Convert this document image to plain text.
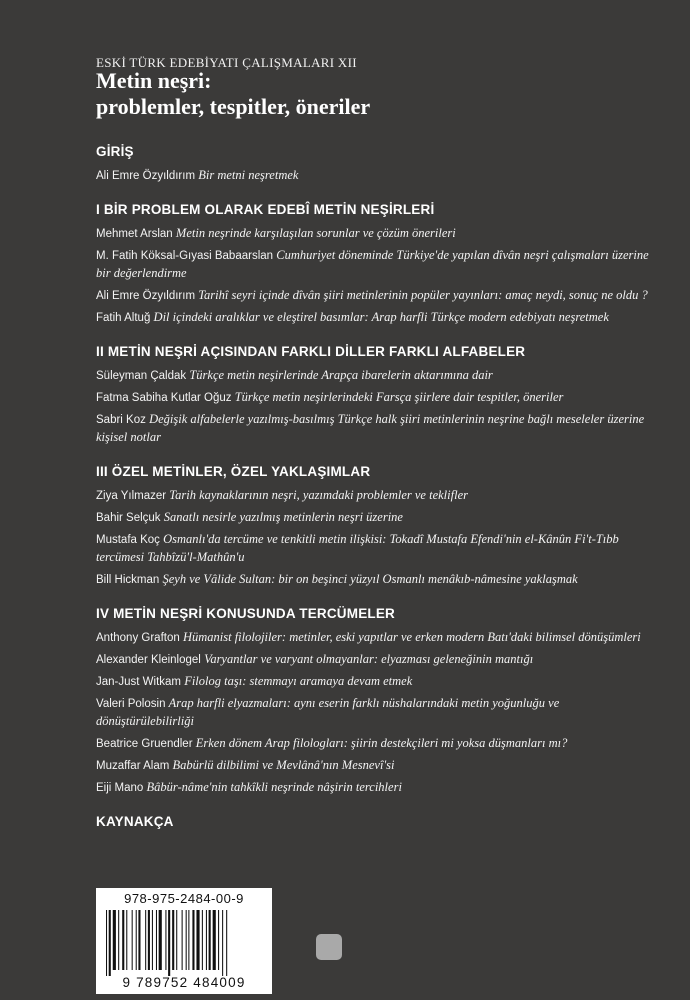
ESKİ TÜRK EDEBİYATI ÇALIŞMALARI XII
Metin neşri:
problemler, tespitler, öneriler
GİRİŞ
Ali Emre Özyıldırım Bir metni neşretmek
I BİR PROBLEM OLARAK EDEBÎ METİN NEŞİRLERİ
Mehmet Arslan Metin neşrinde karşılaşılan sorunlar ve çözüm önerileri
M. Fatih Köksal-Gıyasi Babaarslan Cumhuriyet döneminde Türkiye'de yapılan dîvân neşri çalışmaları üzerine bir değerlendirme
Ali Emre Özyıldırım Tarihî seyri içinde dîvân şiiri metinlerinin popüler yayınları: amaç neydi, sonuç ne oldu ?
Fatih Altuğ Dil içindeki aralıklar ve eleştirel basımlar: Arap harfli Türkçe modern edebiyatı neşretmek
II METİN NEŞRİ AÇISINDAN FARKLI DİLLER FARKLI ALFABELER
Süleyman Çaldak Türkçe metin neşirlerinde Arapça ibarelerin aktarımına dair
Fatma Sabiha Kutlar Oğuz Türkçe metin neşirlerindeki Farsça şiirlere dair tespitler, öneriler
Sabri Koz Değişik alfabelerle yazılmış-basılmış Türkçe halk şiiri metinlerinin neşrine bağlı meseleler üzerine kişisel notlar
III ÖZEL METİNLER, ÖZEL YAKLAŞIMLAR
Ziya Yılmazer Tarih kaynaklarının neşri, yazımdaki problemler ve teklifler
Bahir Selçuk Sanatlı nesirle yazılmış metinlerin neşri üzerine
Mustafa Koç Osmanlı'da tercüme ve tenkitli metin ilişkisi: Tokadî Mustafa Efendi'nin el-Kânûn Fi't-Tıbb tercümesi Tahbîzü'l-Mathûn'u
Bill Hickman Şeyh ve Vâlide Sultan: bir on beşinci yüzyıl Osmanlı menâkıb-nâmesine yaklaşmak
IV METİN NEŞRİ KONUSUNDA TERCÜMELER
Anthony Grafton Hümanist filolojiler: metinler, eski yapıtlar ve erken modern Batı'daki bilimsel dönüşümleri
Alexander Kleinlogel Varyantlar ve varyant olmayanlar: elyazması geleneğinin mantığı
Jan-Just Witkam Filolog taşı: stemmayı aramaya devam etmek
Valeri Polosin Arap harfli elyazmaları: aynı eserin farklı nüshalarındaki metin yoğunluğu ve dönüştürülebilirliği
Beatrice Gruendler Erken dönem Arap filologları: şiirin destekçileri mi yoksa düşmanları mı?
Muzaffar Alam Babürlü dilbilimi ve Mevlânâ'nın Mesnevî'si
Eiji Mano Bâbür-nâme'nin tahkîkli neşrinde nâşirin tercihleri
KAYNAKÇA
978-975-2484-00-9
9 789752 484009
